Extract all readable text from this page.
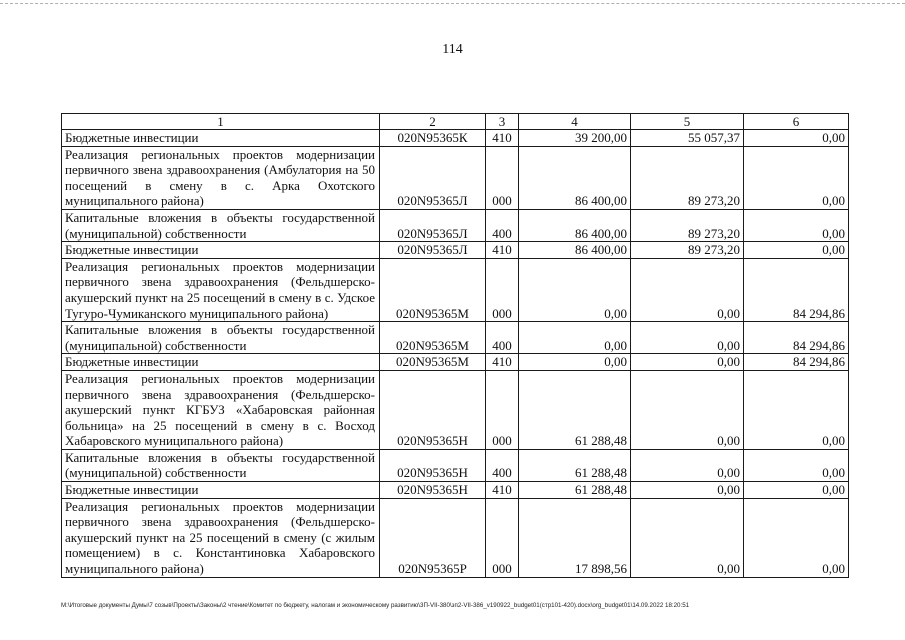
114
1	2	3	4	5	6
Бюджетные инвестиции	020N95365К	410	39 200,00	55 057,37	0,00
Реализация региональных проектов модернизации первичного звена здравоохранения (Амбулатория на 50 посещений в смену в с. Арка Охотского муниципального района)	020N95365Л	000	86 400,00	89 273,20	0,00
Капитальные вложения в объекты государственной (муниципальной) собственности	020N95365Л	400	86 400,00	89 273,20	0,00
Бюджетные инвестиции	020N95365Л	410	86 400,00	89 273,20	0,00
Реализация региональных проектов модернизации первичного звена здравоохранения (Фельдшерско-акушерский пункт на 25 посещений в смену в с. Удское Тугуро-Чумиканского муниципального района)	020N95365М	000	0,00	0,00	84 294,86
Капитальные вложения в объекты государственной (муниципальной) собственности	020N95365М	400	0,00	0,00	84 294,86
Бюджетные инвестиции	020N95365М	410	0,00	0,00	84 294,86
Реализация региональных проектов модернизации первичного звена здравоохранения (Фельдшерско-акушерский пункт КГБУЗ «Хабаровская районная больница» на 25 посещений в смену в с. Восход Хабаровского муниципального района)	020N95365Н	000	61 288,48	0,00	0,00
Капитальные вложения в объекты государственной (муниципальной) собственности	020N95365Н	400	61 288,48	0,00	0,00
Бюджетные инвестиции	020N95365Н	410	61 288,48	0,00	0,00
Реализация региональных проектов модернизации первичного звена здравоохранения (Фельдшерско-акушерский пункт на 25 посещений в смену (с жилым помещением) в с. Константиновка Хабаровского муниципального района)	020N95365Р	000	17 898,56	0,00	0,00
M:\Итоговые документы Думы\7 созыв\Проекты\Законы\2 чтение\Комитет по бюджету, налогам и экономическому развитию\3П-VII-380\зп2-VII-386_v190922_budget01(стр101-420).docx\org_budget01\14.09.2022 18:20:51
